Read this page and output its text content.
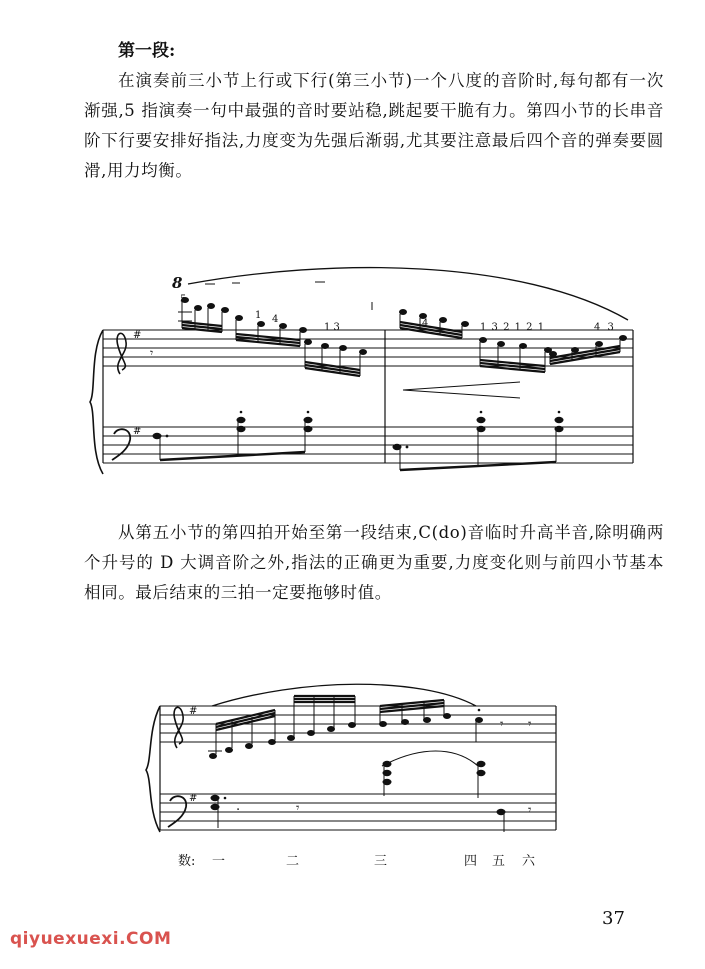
第一段:
在演奏前三小节上行或下行(第三小节)一个八度的音阶时,每句都有一次渐强,5 指演奏一句中最强的音时要站稳,跳起要干脆有力。第四小节的长串音阶下行要安排好指法,力度变为先强后渐弱,尤其要注意最后四个音的弹奏要圆滑,用力均衡。
#
#
𝄾
8
5
1 4
1 3	4	1 3 2 1 2 1	4 3
从第五小节的第四拍开始至第一段结束,C(do)音临时升高半音,除明确两个升号的 D 大调音阶之外,指法的正确更为重要,力度变化则与前四小节基本相同。最后结束的三拍一定要拖够时值。
#
#
𝄾 𝄾
.	𝄾	𝄾
数: 一	二	三	四 五 六
37
qiyuexuexi.COM
